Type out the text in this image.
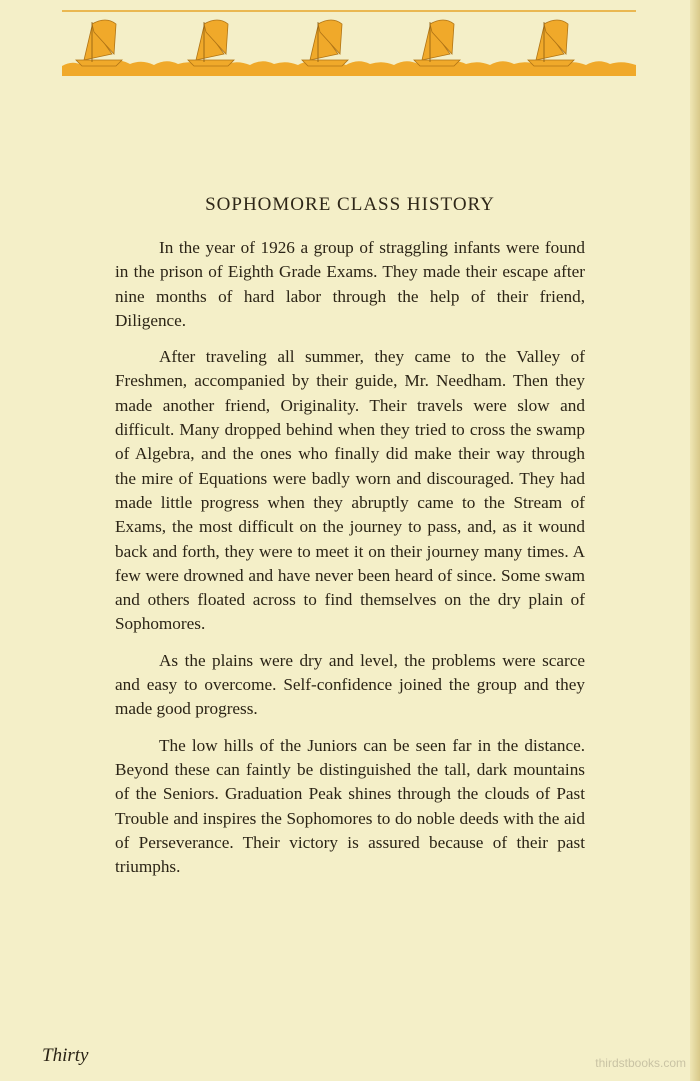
SOPHOMORE CLASS HISTORY

In the year of 1926 a group of straggling infants were found in the prison of Eighth Grade Exams. They made their escape after nine months of hard labor through the help of their friend, Diligence.

After traveling all summer, they came to the Valley of Freshmen, accompanied by their guide, Mr. Needham. Then they made another friend, Originality. Their travels were slow and difficult. Many dropped behind when they tried to cross the swamp of Algebra, and the ones who finally did make their way through the mire of Equations were badly worn and discouraged. They had made little progress when they abruptly came to the Stream of Exams, the most difficult on the journey to pass, and, as it wound back and forth, they were to meet it on their journey many times. A few were drowned and have never been heard of since. Some swam and others floated across to find themselves on the dry plain of Sophomores.

As the plains were dry and level, the problems were scarce and easy to overcome. Self-confidence joined the group and they made good progress.

The low hills of the Juniors can be seen far in the distance. Beyond these can faintly be distinguished the tall, dark mountains of the Seniors. Graduation Peak shines through the clouds of Past Trouble and inspires the Sophomores to do noble deeds with the aid of Perseverance. Their victory is assured because of their past triumphs.

Thirty	thirdstbooks.com
